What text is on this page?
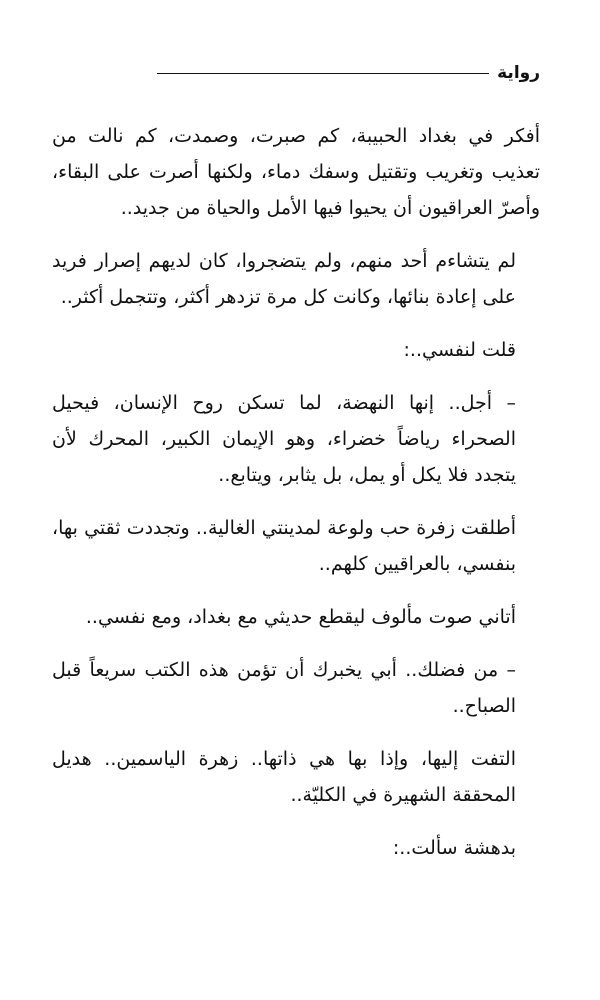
رواية

أفكر في بغداد الحبيبة، كم صبرت، وصمدت، كم نالت من تعذيب وتغريب وتقتيل وسفك دماء، ولكنها أصرت على البقاء، وأصرّ العراقيون أن يحيوا فيها الأمل والحياة من جديد..

لم يتشاءم أحد منهم، ولم يتضجروا، كان لديهم إصرار فريد على إعادة بنائها، وكانت كل مرة تزدهر أكثر، وتتجمل أكثر..

قلت لنفسي..:

– أجل.. إنها النهضة، لما تسكن روح الإنسان، فيحيل الصحراء رياضاً خضراء، وهو الإيمان الكبير، المحرك لأن يتجدد فلا يكل أو يمل، بل يثابر، ويتابع..

أطلقت زفرة حب ولوعة لمدينتي الغالية.. وتجددت ثقتي بها، بنفسي، بالعراقيين كلهم..

أتاني صوت مألوف ليقطع حديثي مع بغداد، ومع نفسي..

– من فضلك.. أبي يخبرك أن تؤمن هذه الكتب سريعاً قبل الصباح..

التفت إليها، وإذا بها هي ذاتها.. زهرة الياسمين.. هديل المحققة الشهيرة في الكليّة..

بدهشة سألت..:
